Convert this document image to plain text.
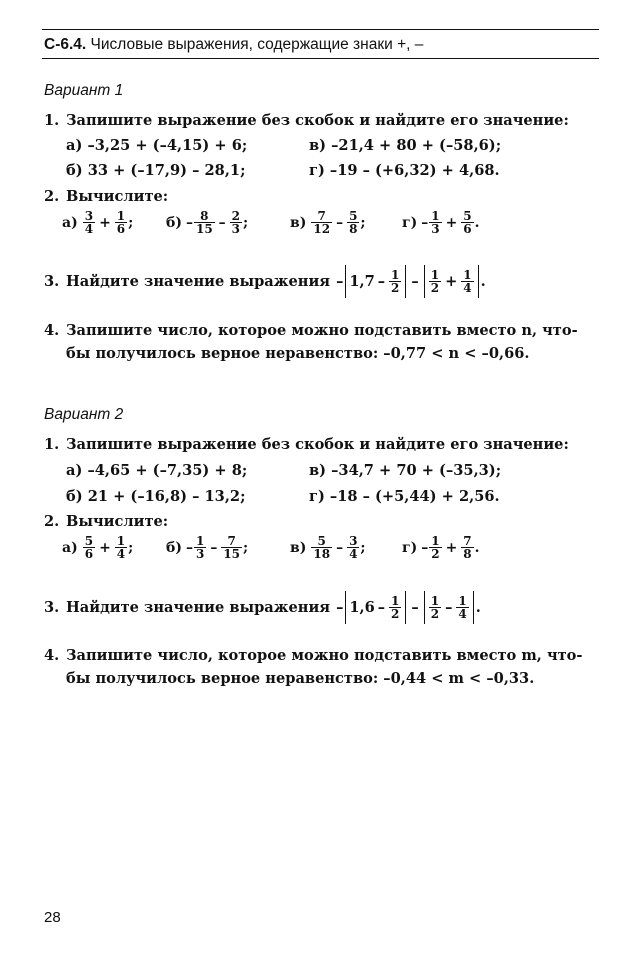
С-6.4. Числовые выражения, содержащие знаки +, –
Вариант 1
1. Запишите выражение без скобок и найдите его значение:
а) –3,25 + (–4,15) + 6;	в) –21,4 + 80 + (–58,6);
б) 33 + (–17,9) – 28,1;	г) –19 – (+6,32) + 4,68.
2. Вычислите:
$а) \frac{3}{4} + \frac{1}{6}$ ; $б) - \frac{8}{15} - \frac{2}{3}$ ;	$в) \frac{7}{12} - \frac{5}{8}$ ;	$г) - \frac{1}{3} + \frac{5}{6}$ .
3. Найдите значение выражения – $1,7 - \frac{1}{2} - \frac{1}{2} + \frac{1}{4}$ .
4. Запишите число, которое можно подставить вместо n, что-
бы получилось верное неравенство: –0,77 < n < –0,66.
Вариант 2
1. Запишите выражение без скобок и найдите его значение:
а) –4,65 + (–7,35) + 8;	в) –34,7 + 70 + (–35,3);
б) 21 + (–16,8) – 13,2;	г) –18 – (+5,44) + 2,56.
2. Вычислите:
$а) \frac{5}{6} + \frac{1}{4}$ ; $б) - \frac{1}{3} - \frac{7}{15}$ ;	$в) \frac{5}{18} - \frac{3}{4}$ ;	$г) - \frac{1}{2} + \frac{7}{8}$ .
3. Найдите значение выражения – $1,6 - \frac{1}{2} - \frac{1}{2} - \frac{1}{4}$ .
4. Запишите число, которое можно подставить вместо m, что-
бы получилось верное неравенство: –0,44 < m < –0,33.
28
